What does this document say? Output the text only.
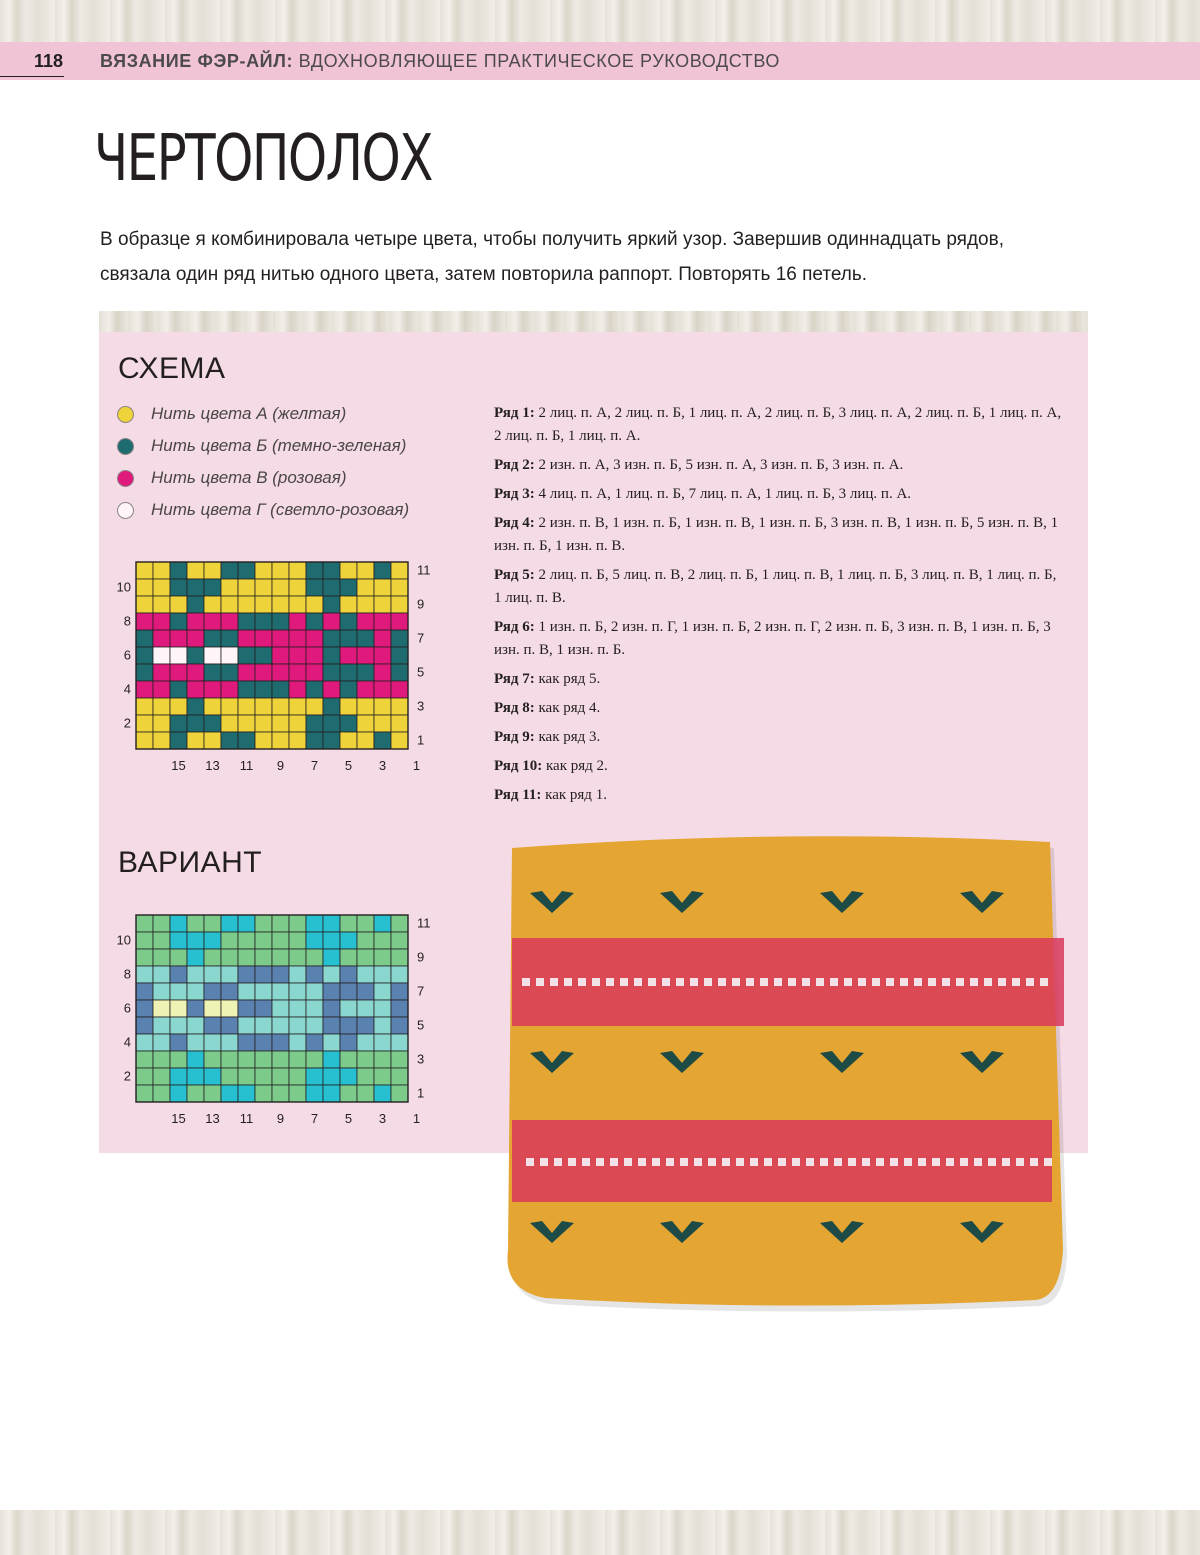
118 ВЯЗАНИЕ ФЭР-АЙЛ: ВДОХНОВЛЯЮЩЕЕ ПРАКТИЧЕСКОЕ РУКОВОДСТВО
ЧЕРТОПОЛОХ

В образце я комбинировала четыре цвета, чтобы получить яркий узор. Завершив одиннадцать рядов, связала один ряд нитью одного цвета, затем повторила раппорт. Повторять 16 петель.

СХЕМА
Нить цвета А (желтая)
Нить цвета Б (темно-зеленая)
Нить цвета В (розовая)
Нить цвета Г (светло-розовая)
2
4
6
8
10
1
3
5
7
9
11
15 13 11 9 7 5 3 1
ВАРИАНТ
2
4
6
8
10
1
3
5
7
9
11
15 13 11 9 7 5 3 1
Ряд 1: 2 лиц. п. А, 2 лиц. п. Б, 1 лиц. п. А, 2 лиц. п. Б, 3 лиц. п. А, 2 лиц. п. Б, 1 лиц. п. А, 2 лиц. п. Б, 1 лиц. п. А.
Ряд 2: 2 изн. п. А, 3 изн. п. Б, 5 изн. п. А, 3 изн. п. Б, 3 изн. п. А.
Ряд 3: 4 лиц. п. А, 1 лиц. п. Б, 7 лиц. п. А, 1 лиц. п. Б, 3 лиц. п. А.
Ряд 4: 2 изн. п. В, 1 изн. п. Б, 1 изн. п. В, 1 изн. п. Б, 3 изн. п. В, 1 изн. п. Б, 5 изн. п. В, 1 изн. п. Б, 1 изн. п. В.
Ряд 5: 2 лиц. п. Б, 5 лиц. п. В, 2 лиц. п. Б, 1 лиц. п. В, 1 лиц. п. Б, 3 лиц. п. В, 1 лиц. п. Б, 1 лиц. п. В.
Ряд 6: 1 изн. п. Б, 2 изн. п. Г, 1 изн. п. Б, 2 изн. п. Г, 2 изн. п. Б, 3 изн. п. В, 1 изн. п. Б, 3 изн. п. В, 1 изн. п. Б.
Ряд 7: как ряд 5.
Ряд 8: как ряд 4.
Ряд 9: как ряд 3.
Ряд 10: как ряд 2.
Ряд 11: как ряд 1.
